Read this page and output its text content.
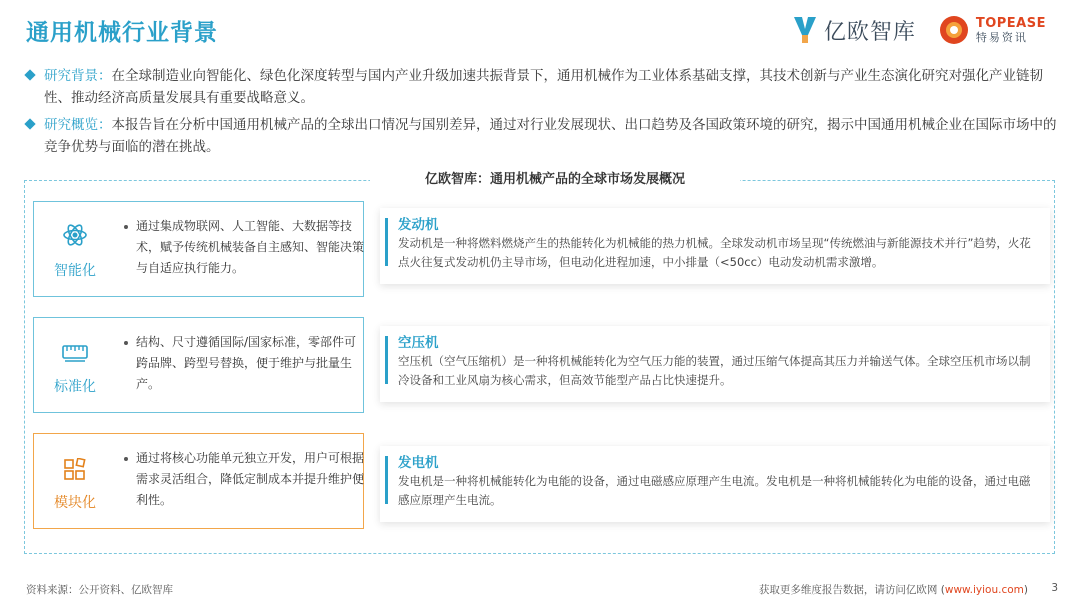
通用机械行业背景	亿欧智库	TOPEASE
特易资讯
研究背景：在全球制造业向智能化、绿色化深度转型与国内产业升级加速共振背景下，通用机械作为工业体系基础支撑，其技术创新与产业生态演化研究对强化产业链韧性、推动经济高质量发展具有重要战略意义。
研究概览：本报告旨在分析中国通用机械产品的全球出口情况与国别差异，通过对行业发展现状、出口趋势及各国政策环境的研究，揭示中国通用机械企业在国际市场中的竞争优势与面临的潜在挑战。
亿欧智库：通用机械产品的全球市场发展概况
智能化
通过集成物联网、人工智能、大数据等技术，赋予传统机械装备自主感知、智能决策与自适应执行能力。
标准化
结构、尺寸遵循国际/国家标准，零部件可跨品牌、跨型号替换，便于维护与批量生产。
模块化
通过将核心功能单元独立开发，用户可根据需求灵活组合，降低定制成本并提升维护便利性。
发动机
发动机是一种将燃料燃烧产生的热能转化为机械能的热力机械。全球发动机市场呈现“传统燃油与新能源技术并行”趋势，火花点火往复式发动机仍主导市场，但电动化进程加速，中小排量（<50cc）电动发动机需求激增。
空压机
空压机（空气压缩机）是一种将机械能转化为空气压力能的装置，通过压缩气体提高其压力并输送气体。全球空压机市场以制冷设备和工业风扇为核心需求，但高效节能型产品占比快速提升。
发电机
发电机是一种将机械能转化为电能的设备，通过电磁感应原理产生电流。发电机是一种将机械能转化为电能的设备，通过电磁感应原理产生电流。
资料来源：公开资料、亿欧智库	获取更多维度报告数据，请访问亿欧网 (www.iyiou.com) 3
